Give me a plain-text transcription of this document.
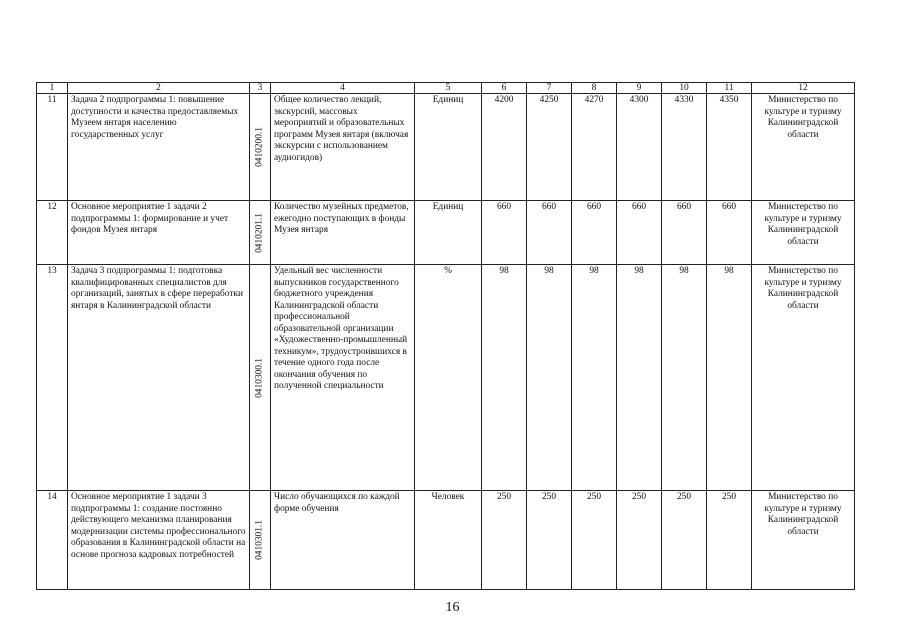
1	2	3	4	5	6	7	8	9	10	11	12
11	Задача 2 подпрограммы 1: повышение доступности и качества предоставляемых Музеем янтаря населению государственных услуг	0410200.1	Общее количество лекций, экскурсий, массовых мероприятий и образовательных программ Музея янтаря (включая экскурсии с использованием аудиогидов)	Единиц	4200	4250	4270	4300	4330	4350	Министерство по культуре и туризму Калининградской области
12	Основное мероприятие 1 задачи 2 подпрограммы 1: формирование и учет фондов Музея янтаря	0410201.1	Количество музейных предметов, ежегодно поступающих в фонды Музея янтаря	Единиц	660	660	660	660	660	660	Министерство по культуре и туризму Калининградской области
13	Задача 3 подпрограммы 1: подготовка квалифицированных специалистов для организаций, занятых в сфере переработки янтаря в Калининградской области	0410300.1	Удельный вес численности выпускников государственного бюджетного учреждения Калининградской области профессиональной образовательной организации «Художественно-промышленный техникум», трудоустроившихся в течение одного года после окончания обучения по полученной специальности	%	98	98	98	98	98	98	Министерство по культуре и туризму Калининградской области
14	Основное мероприятие 1 задачи 3 подпрограммы 1: создание постоянно действующего механизма планирования модернизации системы профессионального образования в Калининградской области на основе прогноза кадровых потребностей	0410301.1	Число обучающихся по каждой форме обучения	Человек	250	250	250	250	250	250	Министерство по культуре и туризму Калининградской области
16
